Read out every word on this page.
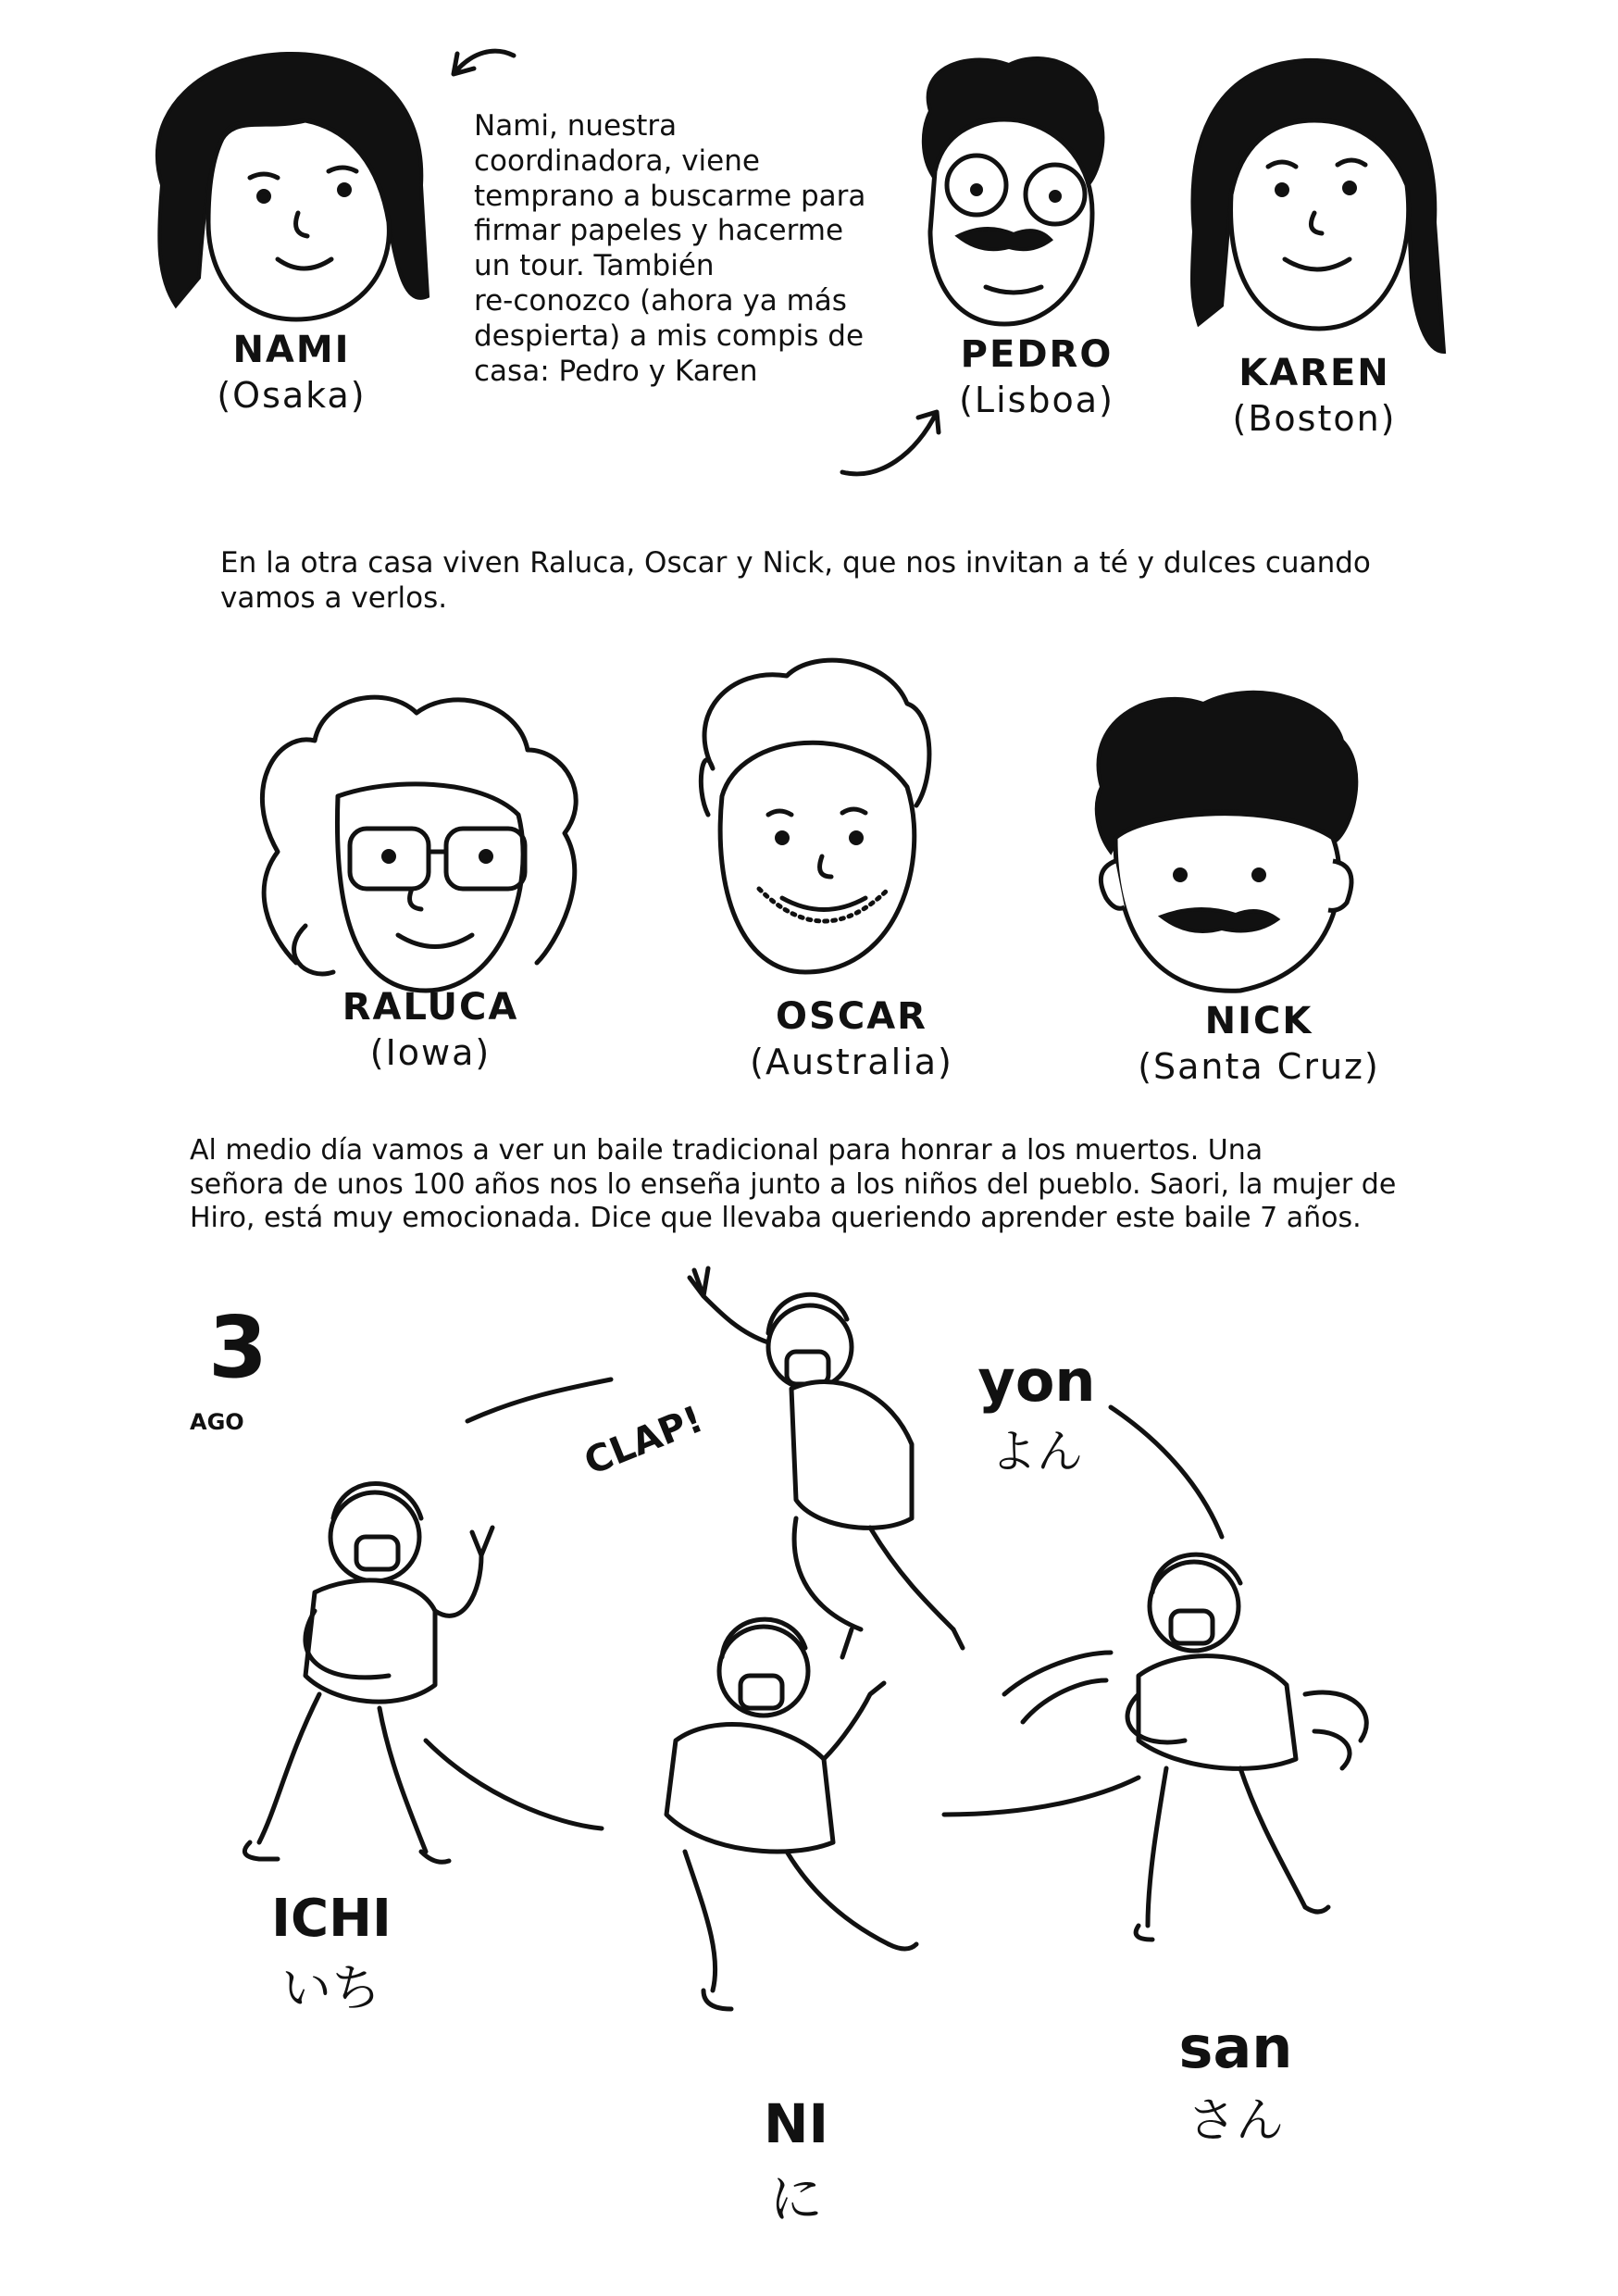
Nami, nuestra
coordinadora, viene
temprano a buscarme para
firmar papeles y hacerme
un tour. También
re-conozco (ahora ya más
despierta) a mis compis de
casa: Pedro y Karen
NAMI
(Osaka)
PEDRO
(Lisboa)
KAREN
(Boston)
En la otra casa viven Raluca, Oscar y Nick, que nos invitan a té y dulces cuando
vamos a verlos.
RALUCA
(Iowa)
OSCAR
(Australia)
NICK
(Santa Cruz)
Al medio día vamos a ver un baile tradicional para honrar a los muertos. Una
señora de unos 100 años nos lo enseña junto a los niños del pueblo. Saori, la mujer de
Hiro, está muy emocionada. Dice que llevaba queriendo aprender este baile 7 años.
3
AGO	CLAP!
yon
よん
ICHI
いち
NI
に
san
さん
